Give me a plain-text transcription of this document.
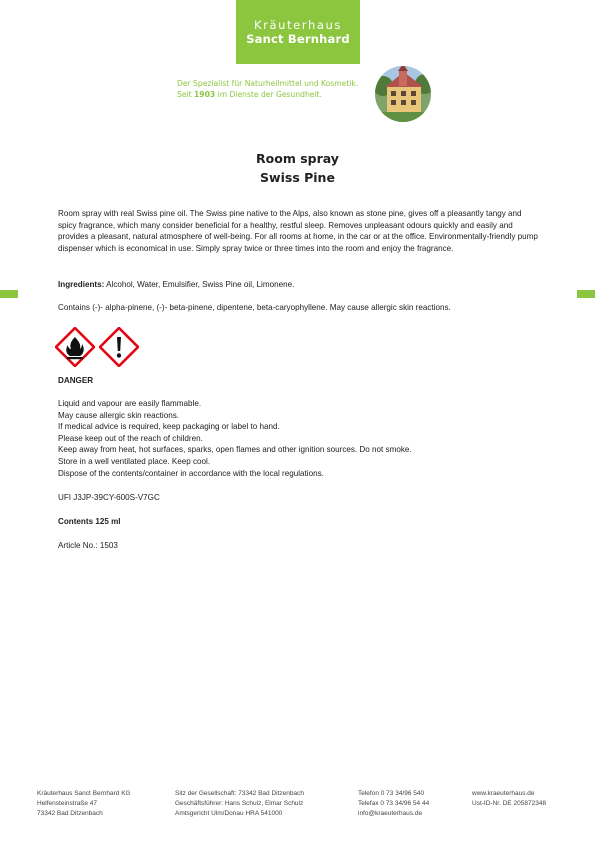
Kräuterhaus
Sanct Bernhard
Der Spezialist für Naturheilmittel und Kosmetik.
Seit 1903 im Dienste der Gesundheit.
Room spray
Swiss Pine
Room spray with real Swiss pine oil. The Swiss pine native to the Alps, also known as stone pine, gives off a pleasantly tangy and spicy fragrance, which many consider beneficial for a healthy, restful sleep. Removes unpleasant odours quickly and easily and provides a pleasant, natural atmosphere of well-being. For all rooms at home, in the car or at the office. Environmentally-friendly pump dispenser which is economical in use. Simply spray twice or three times into the room and enjoy the fragrance.
Ingredients: Alcohol, Water, Emulsifier, Swiss Pine oil, Limonene.
Contains (-)- alpha-pinene, (-)- beta-pinene, dipentene, beta-caryophyllene. May cause allergic skin reactions.
DANGER
Liquid and vapour are easily flammable.
May cause allergic skin reactions.
If medical advice is required, keep packaging or label to hand.
Please keep out of the reach of children.
Keep away from heat, hot surfaces, sparks, open flames and other ignition sources. Do not smoke.
Store in a well ventilated place. Keep cool.
Dispose of the contents/container in accordance with the local regulations.
UFI J3JP-39CY-600S-V7GC
Contents 125 ml
Article No.: 1503
Kräuterhaus Sanct Bernhard KG
Helfensteinstraße 47
73342 Bad Ditzenbach
Sitz der Gesellschaft: 73342 Bad Ditzenbach
Geschäftsführer: Hans Schulz, Elmar Schulz
Amtsgericht Ulm/Donau HRA 541000
Telefon 0 73 34/96 540
Telefax 0 73 34/96 54 44
info@kraeuterhaus.de
www.kraeuterhaus.de
Ust-ID-Nr. DE 205872348
